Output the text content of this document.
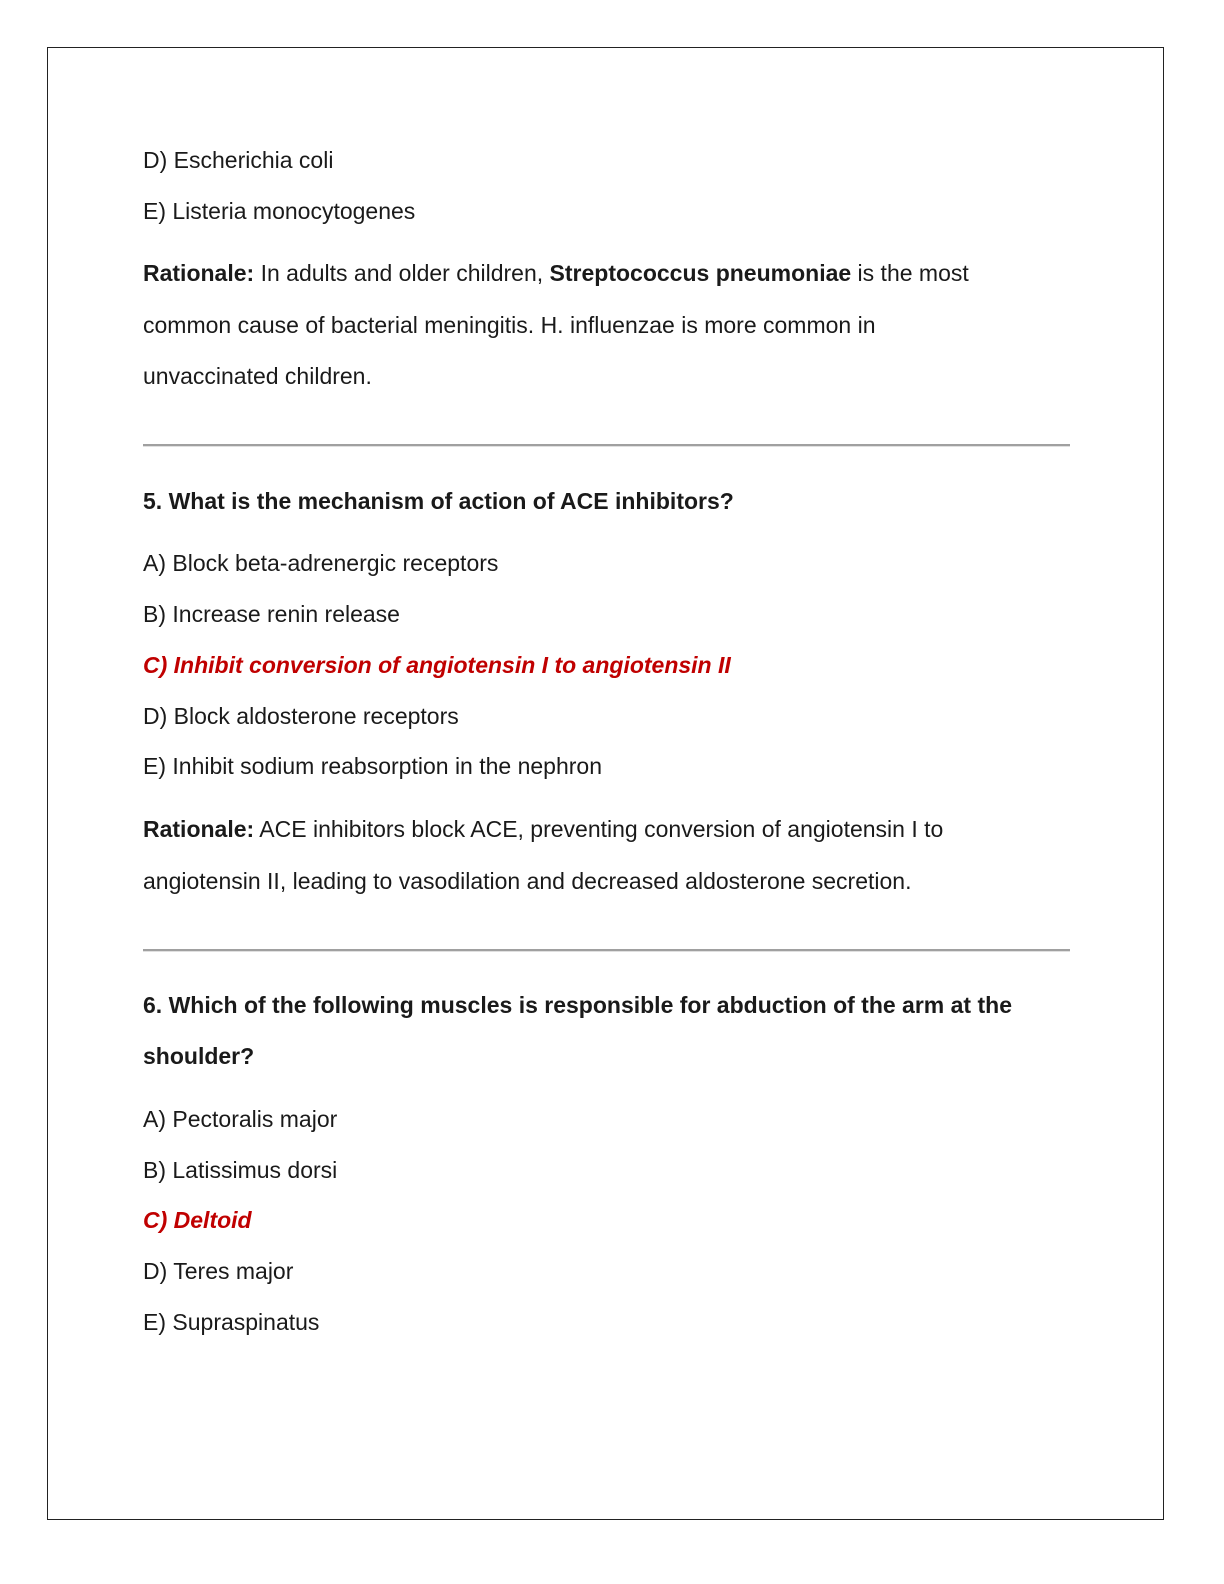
D) Escherichia coli
E) Listeria monocytogenes
Rationale: In adults and older children, Streptococcus pneumoniae is the most
common cause of bacterial meningitis. H. influenzae is more common in
unvaccinated children.
5. What is the mechanism of action of ACE inhibitors?
A) Block beta-adrenergic receptors
B) Increase renin release
C) Inhibit conversion of angiotensin I to angiotensin II
D) Block aldosterone receptors
E) Inhibit sodium reabsorption in the nephron
Rationale: ACE inhibitors block ACE, preventing conversion of angiotensin I to
angiotensin II, leading to vasodilation and decreased aldosterone secretion.
6. Which of the following muscles is responsible for abduction of the arm at the
shoulder?
A) Pectoralis major
B) Latissimus dorsi
C) Deltoid
D) Teres major
E) Supraspinatus
